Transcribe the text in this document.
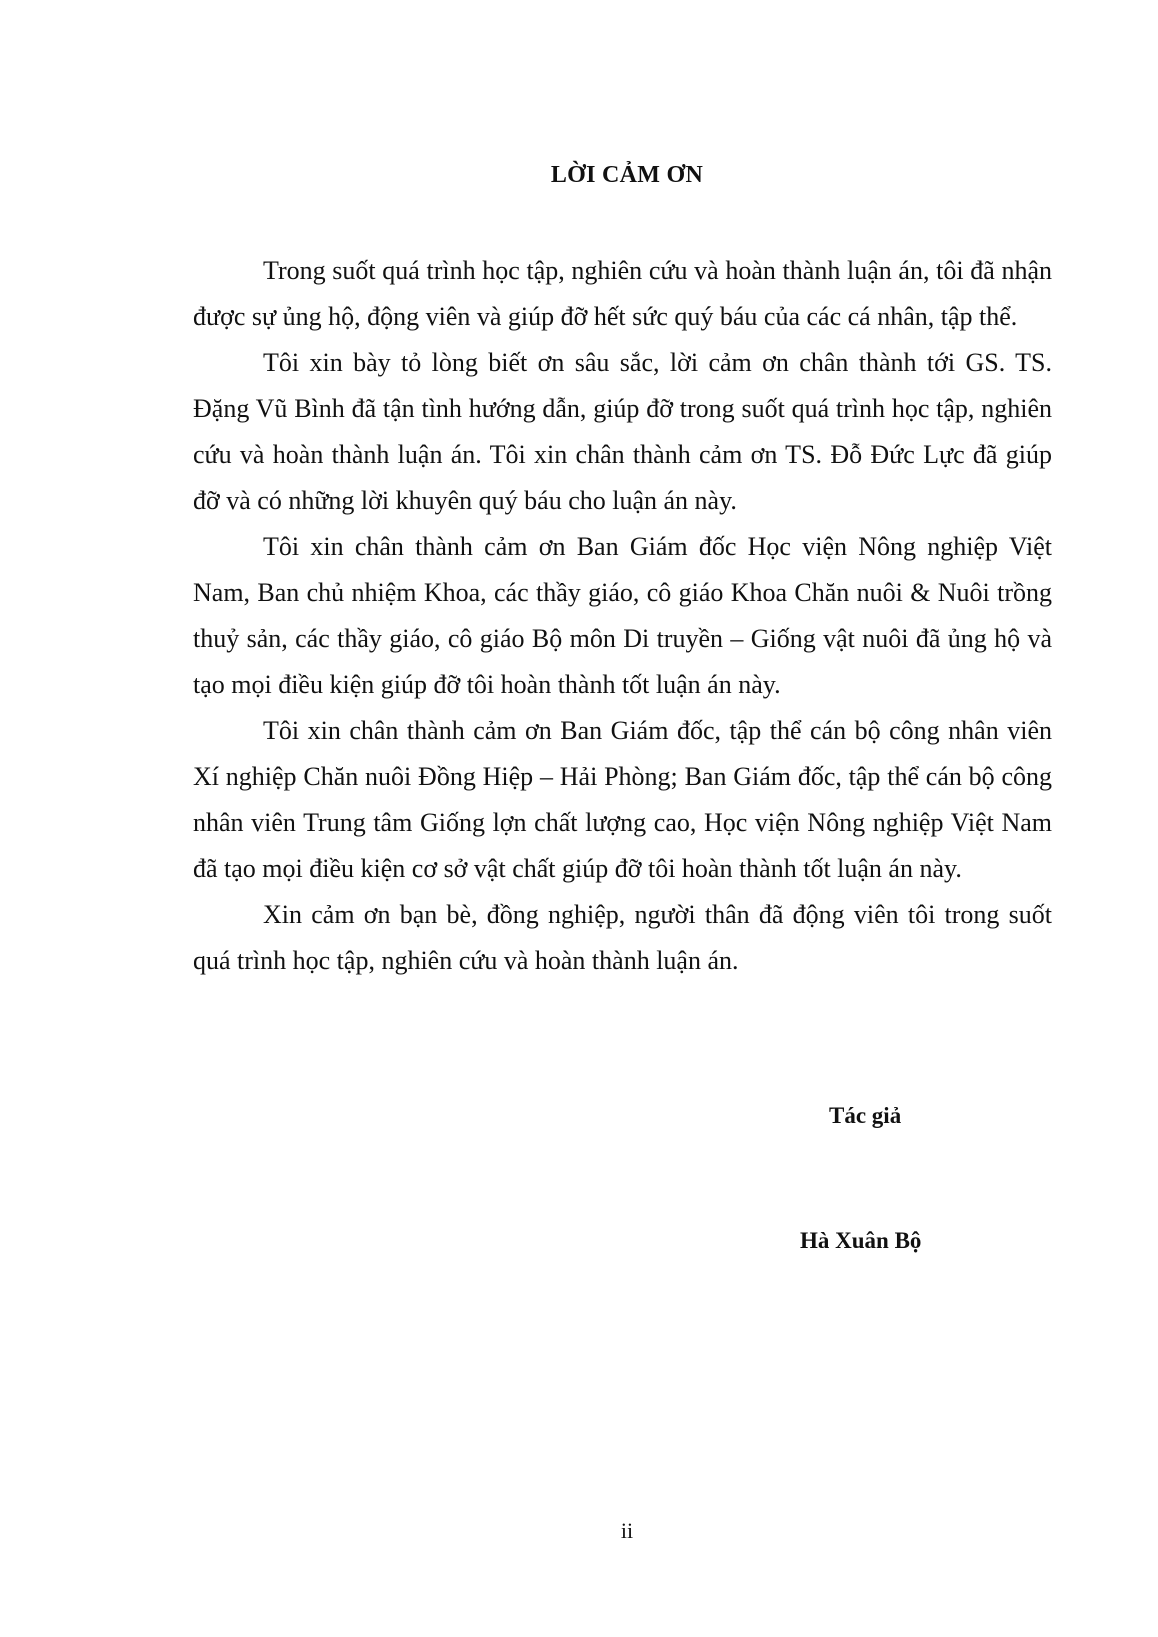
LỜI CẢM ƠN

Trong suốt quá trình học tập, nghiên cứu và hoàn thành luận án, tôi đã nhận được sự ủng hộ, động viên và giúp đỡ hết sức quý báu của các cá nhân, tập thể.

Tôi xin bày tỏ lòng biết ơn sâu sắc, lời cảm ơn chân thành tới GS. TS. Đặng Vũ Bình đã tận tình hướng dẫn, giúp đỡ trong suốt quá trình học tập, nghiên cứu và hoàn thành luận án. Tôi xin chân thành cảm ơn TS. Đỗ Đức Lực đã giúp đỡ và có những lời khuyên quý báu cho luận án này.

Tôi xin chân thành cảm ơn Ban Giám đốc Học viện Nông nghiệp Việt Nam, Ban chủ nhiệm Khoa, các thầy giáo, cô giáo Khoa Chăn nuôi & Nuôi trồng thuỷ sản, các thầy giáo, cô giáo Bộ môn Di truyền – Giống vật nuôi đã ủng hộ và tạo mọi điều kiện giúp đỡ tôi hoàn thành tốt luận án này.

Tôi xin chân thành cảm ơn Ban Giám đốc, tập thể cán bộ công nhân viên Xí nghiệp Chăn nuôi Đồng Hiệp – Hải Phòng; Ban Giám đốc, tập thể cán bộ công nhân viên Trung tâm Giống lợn chất lượng cao, Học viện Nông nghiệp Việt Nam đã tạo mọi điều kiện cơ sở vật chất giúp đỡ tôi hoàn thành tốt luận án này.

Xin cảm ơn bạn bè, đồng nghiệp, người thân đã động viên tôi trong suốt quá trình học tập, nghiên cứu và hoàn thành luận án.

Tác giả
Hà Xuân Bộ
ii
